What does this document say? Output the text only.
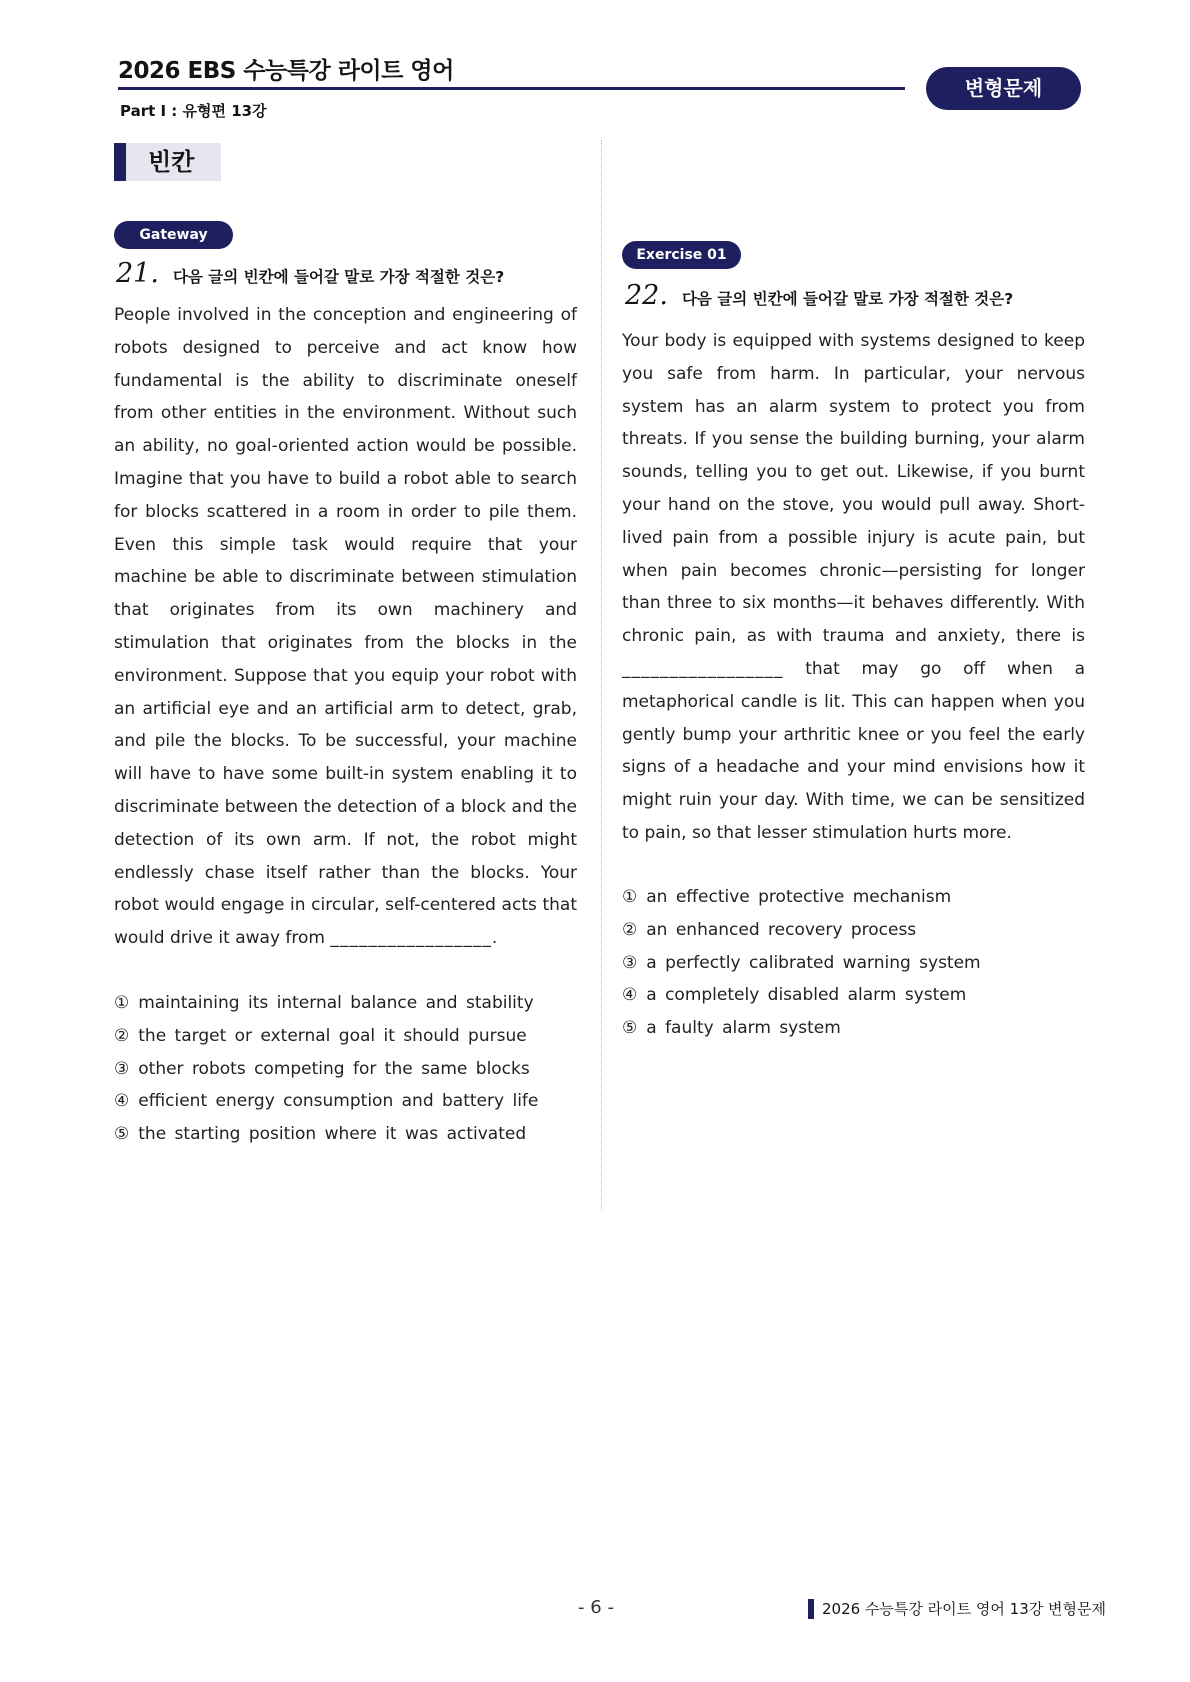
2026 EBS 수능특강 라이트 영어
Part Ⅰ : 유형편 13강
변형문제
빈칸
Gateway
21. 다음 글의 빈칸에 들어갈 말로 가장 적절한 것은?

People involved in the conception and engineering of robots designed to perceive and act know how fundamental is the ability to discriminate oneself from other entities in the environment. Without such an ability, no goal-oriented action would be possible. Imagine that you have to build a robot able to search for blocks scattered in a room in order to pile them. Even this simple task would require that your machine be able to discriminate between stimulation that originates from its own machinery and stimulation that originates from the blocks in the environment. Suppose that you equip your robot with an artificial eye and an artificial arm to detect, grab, and pile the blocks. To be successful, your machine will have to have some built-in system enabling it to discriminate between the detection of a block and the detection of its own arm. If not, the robot might endlessly chase itself rather than the blocks. Your robot would engage in circular, self-centered acts that would drive it away from _________________.

① maintaining its internal balance and stability
② the target or external goal it should pursue
③ other robots competing for the same blocks
④ efficient energy consumption and battery life
⑤ the starting position where it was activated
Exercise 01
22. 다음 글의 빈칸에 들어갈 말로 가장 적절한 것은?

Your body is equipped with systems designed to keep you safe from harm. In particular, your nervous system has an alarm system to protect you from threats. If you sense the building burning, your alarm sounds, telling you to get out. Likewise, if you burnt your hand on the stove, you would pull away. Short-lived pain from a possible injury is acute pain, but when pain becomes chronic—persisting for longer than three to six months—it behaves differently. With chronic pain, as with trauma and anxiety, there is _________________ that may go off when a metaphorical candle is lit. This can happen when you gently bump your arthritic knee or you feel the early signs of a headache and your mind envisions how it might ruin your day. With time, we can be sensitized to pain, so that lesser stimulation hurts more.

① an effective protective mechanism
② an enhanced recovery process
③ a perfectly calibrated warning system
④ a completely disabled alarm system
⑤ a faulty alarm system
- 6 -	2026 수능특강 라이트 영어 13강 변형문제
